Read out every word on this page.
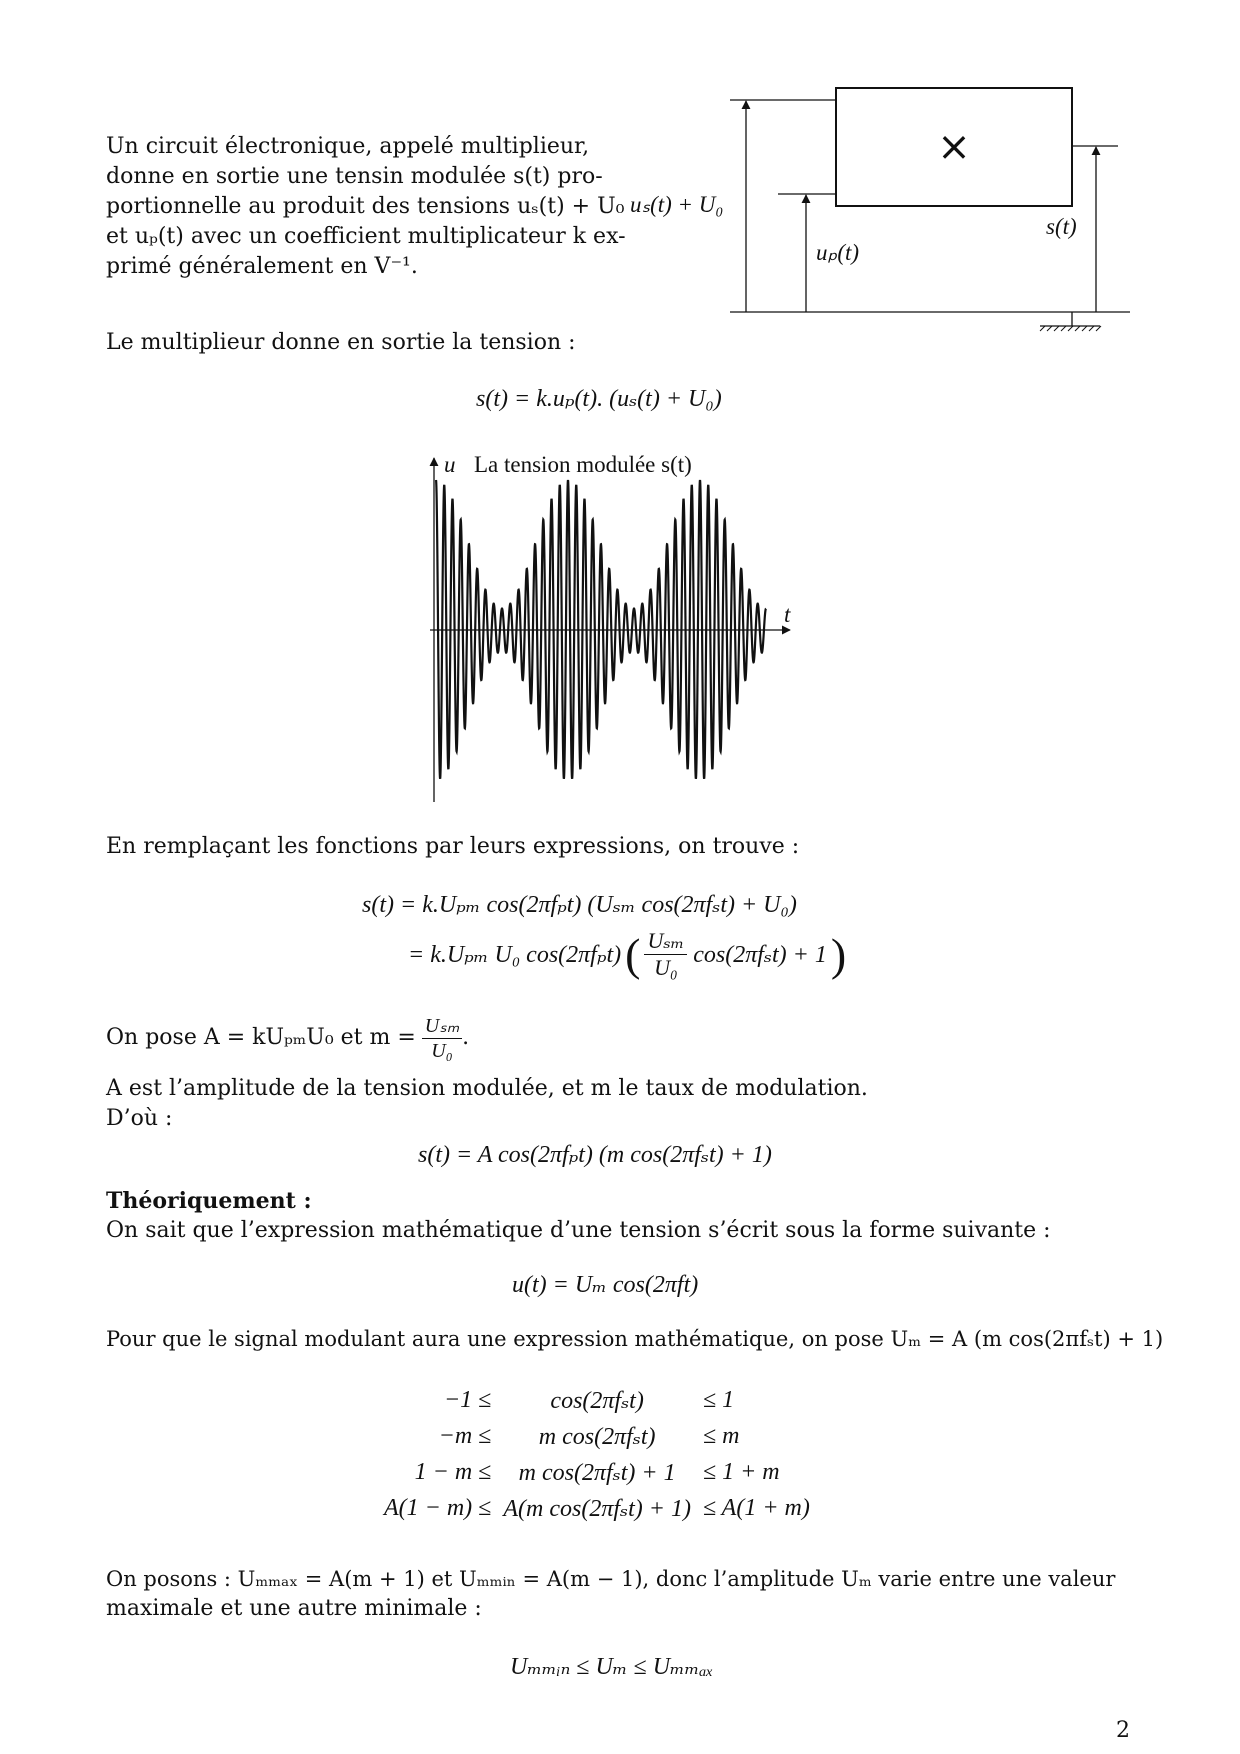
Un circuit électronique, appelé multiplieur,
donne en sortie une tensin modulée s(t) pro-
portionnelle au produit des tensions uₛ(t) + U₀
et uₚ(t) avec un coefficient multiplicateur k ex-
primé généralement en V⁻¹.
×
uₛ(t) + U₀
uₚ(t)
s(t)
Le multiplieur donne en sortie la tension :
s(t) = k.uₚ(t). (uₛ(t) + U₀)
u La tension modulée s(t)
t
En remplaçant les fonctions par leurs expressions, on trouve :
s(t) = k.Uₚₘ cos(2πfₚt) (Uₛₘ cos(2πfₛt) + U₀)
= k.Uₚₘ U₀ cos(2πfₚt) ( Uₛₘ
U₀ cos(2πfₛt) + 1 )
On pose A = kUₚₘU₀ et m = Uₛₘ
U₀
.
A est l’amplitude de la tension modulée, et m le taux de modulation.
D’où :
s(t) = A cos(2πfₚt) (m cos(2πfₛt) + 1)
Théoriquement :
On sait que l’expression mathématique d’une tension s’écrit sous la forme suivante :
u(t) = Uₘ cos(2πft)
Pour que le signal modulant aura une expression mathématique, on pose Uₘ = A (m cos(2πfₛt) + 1)
−1 ≤	cos(2πfₛt)	≤ 1
−m ≤	m cos(2πfₛt)	≤ m
1 − m ≤	m cos(2πfₛt) + 1	≤ 1 + m
A(1 − m) ≤	A(m cos(2πfₛt) + 1)	≤ A(1 + m)
On posons : Uₘₘₐₓ = A(m + 1) et Uₘₘᵢₙ = A(m − 1), donc l’amplitude Uₘ varie entre une valeur
maximale et une autre minimale :
Uₘₘᵢₙ ≤ Uₘ ≤ Uₘₘₐₓ
2
